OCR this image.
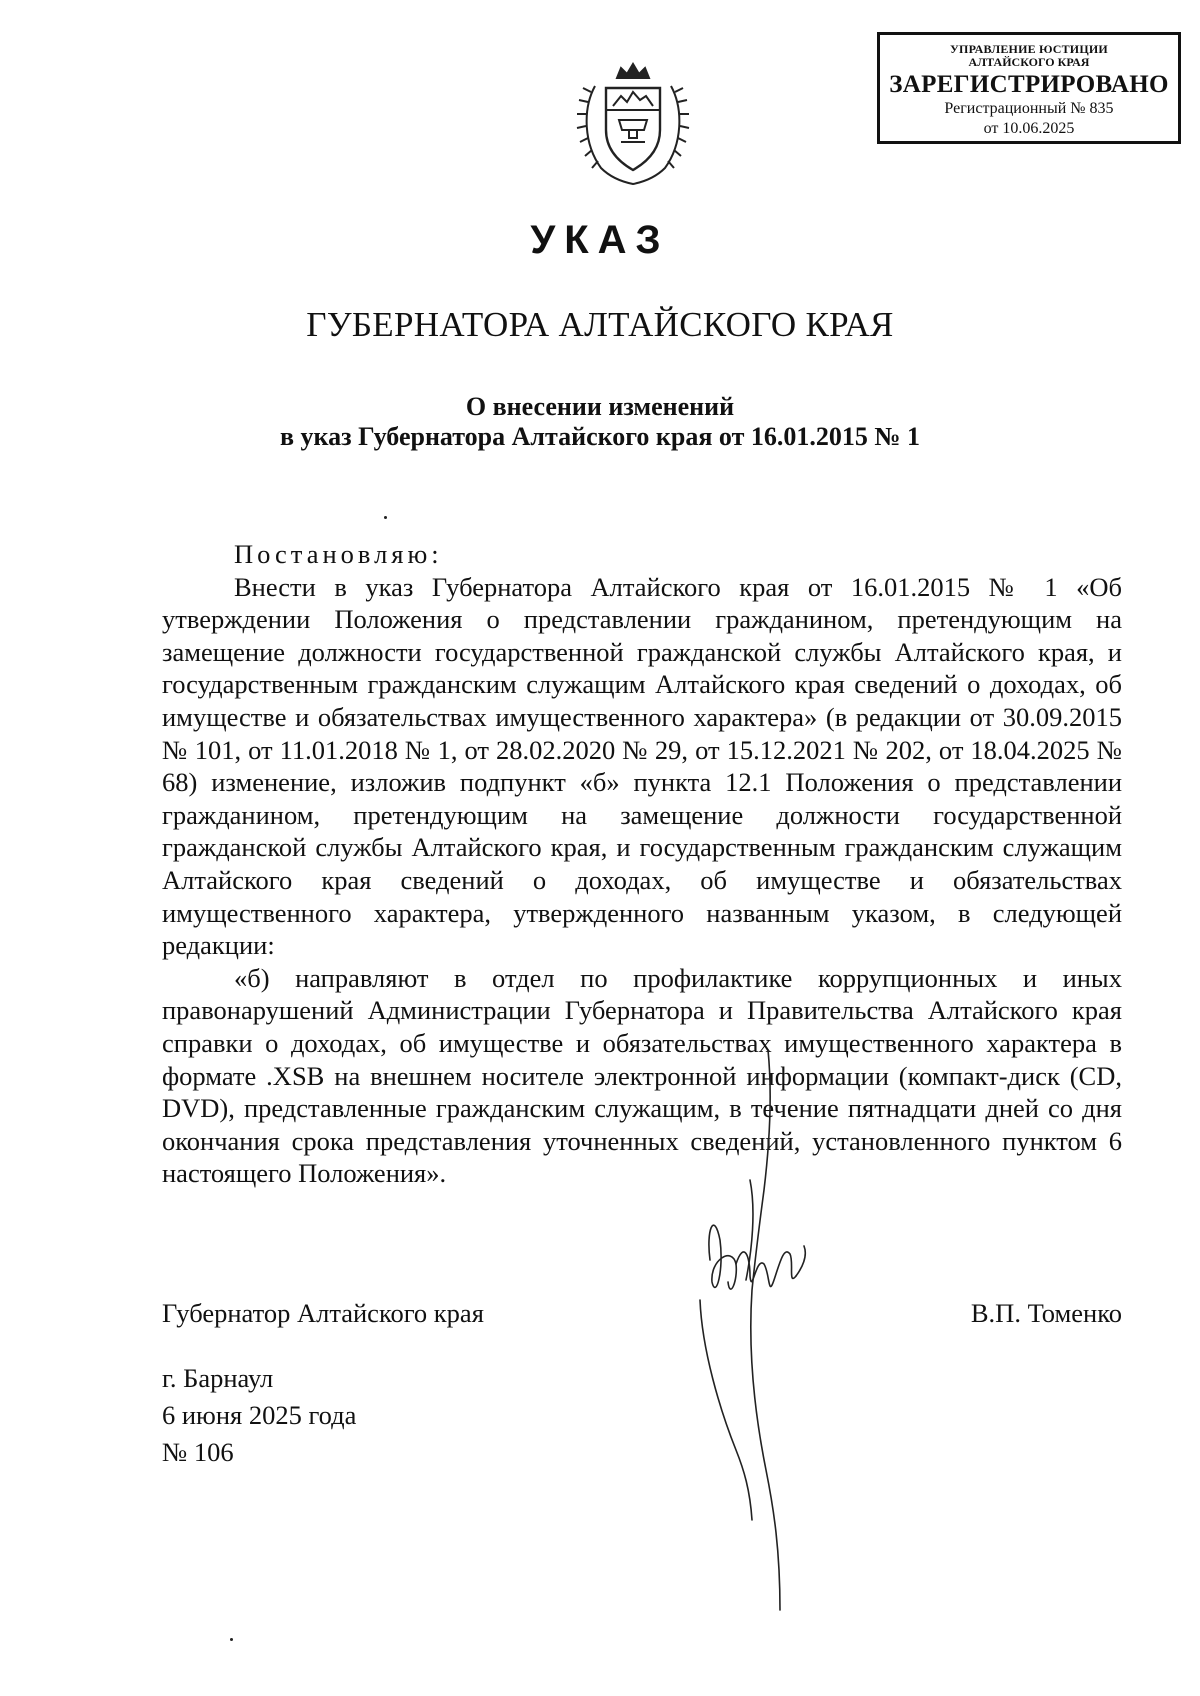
УПРАВЛЕНИЕ ЮСТИЦИИ
АЛТАЙСКОГО КРАЯ
ЗАРЕГИСТРИРОВАНО
Регистрационный № 835
от 10.06.2025
УКАЗ
ГУБЕРНАТОРА АЛТАЙСКОГО КРАЯ
О внесении изменений
в указ Губернатора Алтайского края от 16.01.2015 № 1

Постановляю:

Внести в указ Губернатора Алтайского края от 16.01.2015 № 1 «Об утверждении Положения о представлении гражданином, претендующим на замещение должности государственной гражданской службы Алтайского края, и государственным гражданским служащим Алтайского края сведений о доходах, об имуществе и обязательствах имущественного характера» (в редакции от 30.09.2015 № 101, от 11.01.2018 № 1, от 28.02.2020 № 29, от 15.12.2021 № 202, от 18.04.2025 № 68) изменение, изложив подпункт «б» пункта 12.1 Положения о представлении гражданином, претендующим на замещение должности государственной гражданской службы Алтайского края, и государственным гражданским служащим Алтайского края сведений о доходах, об имуществе и обязательствах имущественного характера, утвержденного названным указом, в следующей редакции:

«б) направляют в отдел по профилактике коррупционных и иных правонарушений Администрации Губернатора и Правительства Алтайского края справки о доходах, об имуществе и обязательствах имущественного характера в формате .XSB на внешнем носителе электронной информации (компакт-диск (CD, DVD), представленные гражданским служащим, в течение пятнадцати дней со дня окончания срока представления уточненных сведений, установленного пунктом 6 настоящего Положения».

Губернатор Алтайского края	В.П. Томенко
г. Барнаул
6 июня 2025 года
№ 106
